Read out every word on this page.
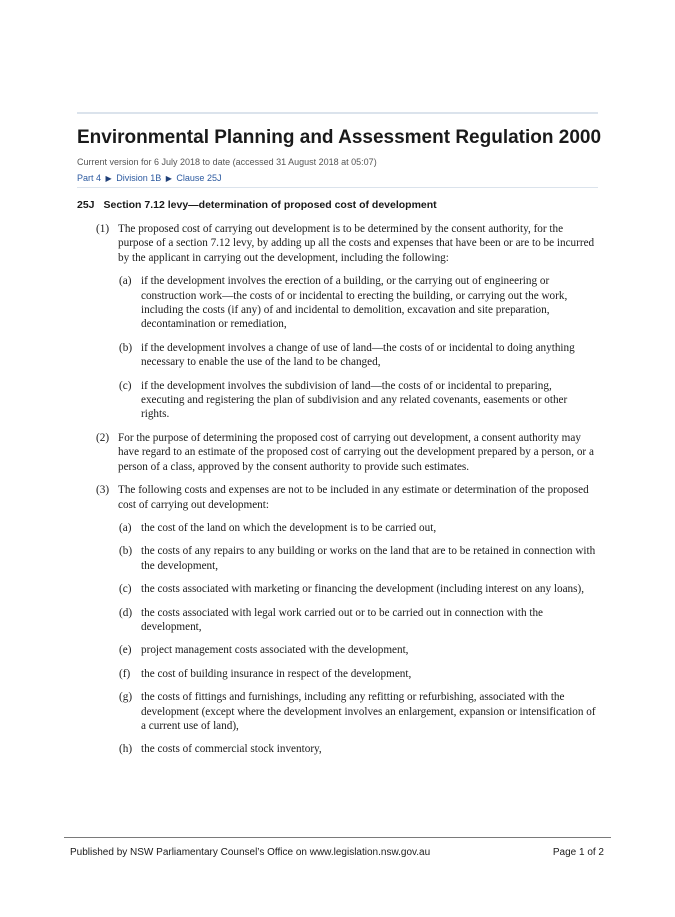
Environmental Planning and Assessment Regulation 2000
Current version for 6 July 2018 to date (accessed 31 August 2018 at 05:07)
Part 4 ▶ Division 1B ▶ Clause 25J
25J Section 7.12 levy—determination of proposed cost of development
(1) The proposed cost of carrying out development is to be determined by the consent authority, for the purpose of a section 7.12 levy, by adding up all the costs and expenses that have been or are to be incurred by the applicant in carrying out the development, including the following:
(a) if the development involves the erection of a building, or the carrying out of engineering or construction work—the costs of or incidental to erecting the building, or carrying out the work, including the costs (if any) of and incidental to demolition, excavation and site preparation, decontamination or remediation,
(b) if the development involves a change of use of land—the costs of or incidental to doing anything necessary to enable the use of the land to be changed,
(c) if the development involves the subdivision of land—the costs of or incidental to preparing, executing and registering the plan of subdivision and any related covenants, easements or other rights.
(2) For the purpose of determining the proposed cost of carrying out development, a consent authority may have regard to an estimate of the proposed cost of carrying out the development prepared by a person, or a person of a class, approved by the consent authority to provide such estimates.
(3) The following costs and expenses are not to be included in any estimate or determination of the proposed cost of carrying out development:
(a) the cost of the land on which the development is to be carried out,
(b) the costs of any repairs to any building or works on the land that are to be retained in connection with the development,
(c) the costs associated with marketing or financing the development (including interest on any loans),
(d) the costs associated with legal work carried out or to be carried out in connection with the development,
(e) project management costs associated with the development,
(f) the cost of building insurance in respect of the development,
(g) the costs of fittings and furnishings, including any refitting or refurbishing, associated with the development (except where the development involves an enlargement, expansion or intensification of a current use of land),
(h) the costs of commercial stock inventory,
Published by NSW Parliamentary Counsel’s Office on www.legislation.nsw.gov.au	Page 1 of 2
